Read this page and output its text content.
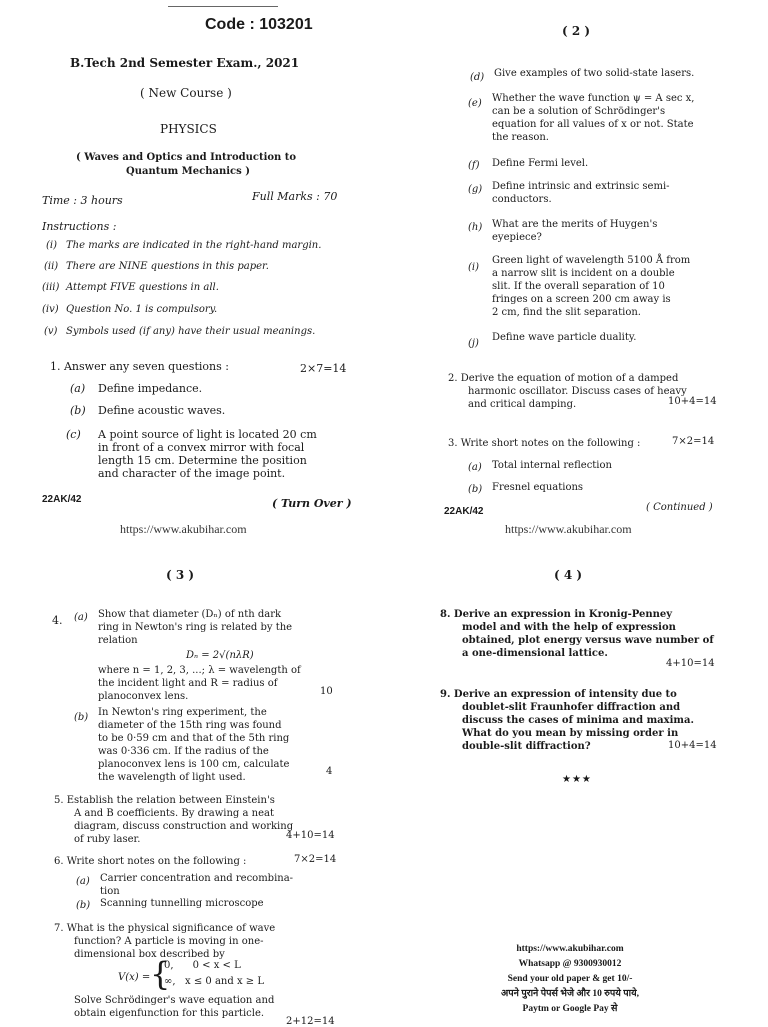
Code : 103201
B.Tech 2nd Semester Exam., 2021
( New Course )
PHYSICS
( Waves and Optics and Introduction to
Quantum Mechanics )
Time : 3 hours	Full Marks : 70
Instructions :
(i) The marks are indicated in the right-hand margin.
(ii) There are NINE questions in this paper.
(iii) Attempt FIVE questions in all.
(iv) Question No. 1 is compulsory.
(v) Symbols used (if any) have their usual meanings.
1. Answer any seven questions :	2×7=14
(a) Define impedance.
(b) Define acoustic waves.
(c) A point source of light is located 20 cm
in front of a convex mirror with focal
length 15 cm. Determine the position
and character of the image point.
22AK/42	( Turn Over )
https://www.akubihar.com
( 2 )
(d) Give examples of two solid-state lasers.
(e) Whether the wave function ψ = A sec x,
can be a solution of Schrödinger's
equation for all values of x or not. State
the reason.
(f) Define Fermi level.
(g) Define intrinsic and extrinsic semi-
conductors.
(h) What are the merits of Huygen's
eyepiece?
(i)
Green light of wavelength 5100 Å from
a narrow slit is incident on a double
slit. If the overall separation of 10
fringes on a screen 200 cm away is
2 cm, find the slit separation.
(j)
Define wave particle duality.
2. Derive the equation of motion of a damped
harmonic oscillator. Discuss cases of heavy
and critical damping.	10+4=14
3. Write short notes on the following :	7×2=14
(a) Total internal reflection
(b) Fresnel equations
22AK/42	( Continued )
https://www.akubihar.com
( 3 )
4. (a) Show that diameter (Dₙ) of nth dark
ring in Newton's ring is related by the
relation
Dₙ = 2√(nλR)
where n = 1, 2, 3, ...; λ = wavelength of
the incident light and R = radius of
planoconvex lens.	10
(b) In Newton's ring experiment, the
diameter of the 15th ring was found
to be 0·59 cm and that of the 5th ring
was 0·336 cm. If the radius of the
planoconvex lens is 100 cm, calculate
the wavelength of light used.
4
5. Establish the relation between Einstein's
A and B coefficients. By drawing a neat
diagram, discuss construction and working
of ruby laser.	4+10=14
6. Write short notes on the following :	7×2=14
(a) Carrier concentration and recombina-
tion
(b) Scanning tunnelling microscope
7. What is the physical significance of wave
function? A particle is moving in one-
dimensional box described by
V(x) = {
0,      0 < x < L
∞,   x ≤ 0 and x ≥ L
Solve Schrödinger's wave equation and
obtain eigenfunction for this particle.
2+12=14
( 4 )
8. Derive an expression in Kronig-Penney
model and with the help of expression
obtained, plot energy versus wave number of
a one-dimensional lattice.
4+10=14
9. Derive an expression of intensity due to
doublet-slit Fraunhofer diffraction and
discuss the cases of minima and maxima.
What do you mean by missing order in
double-slit diffraction?	10+4=14
★★★
https://www.akubihar.com
Whatsapp @ 9300930012
Send your old paper & get 10/-
अपने पुराने पेपर्स भेजे और 10 रुपये पाये,
Paytm or Google Pay से
